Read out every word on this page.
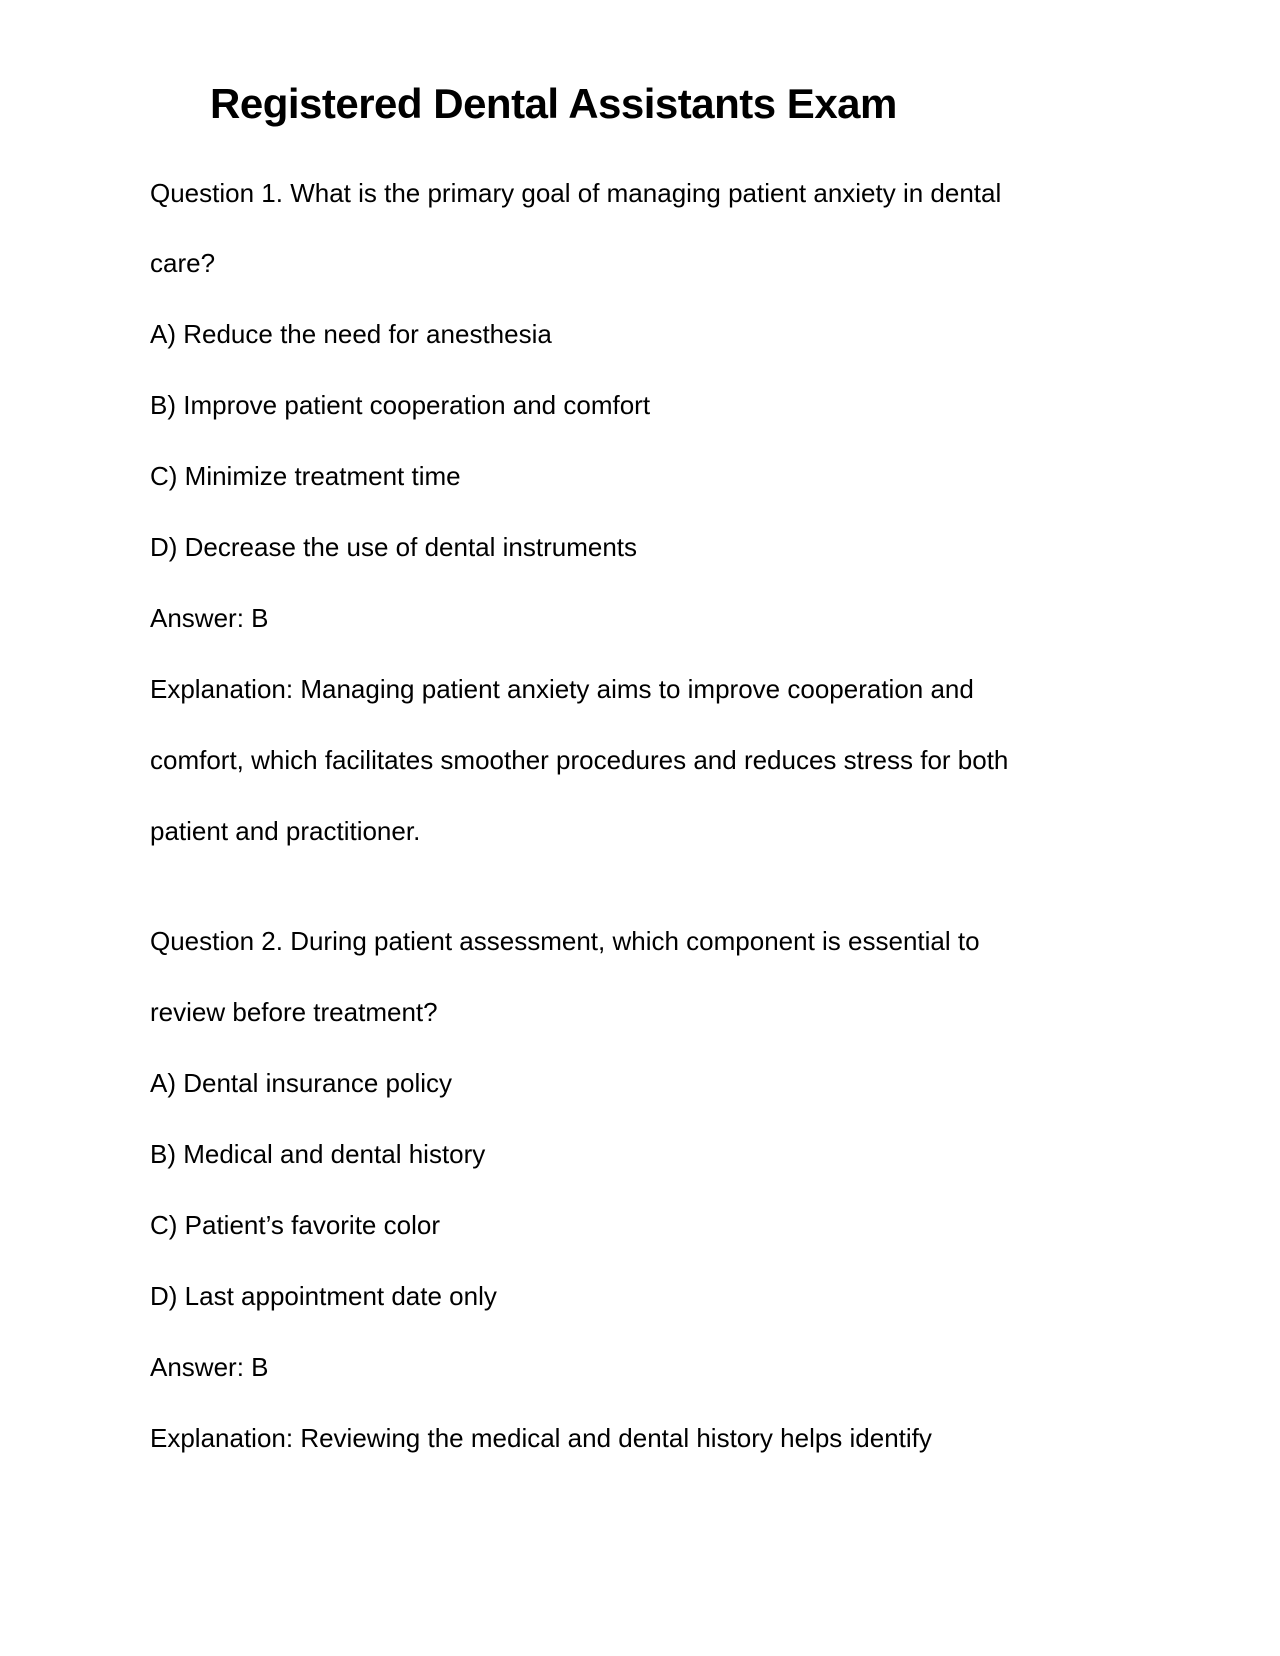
Registered Dental Assistants Exam
Question 1. What is the primary goal of managing patient anxiety in dental
care?
A) Reduce the need for anesthesia
B) Improve patient cooperation and comfort
C) Minimize treatment time
D) Decrease the use of dental instruments
Answer: B
Explanation: Managing patient anxiety aims to improve cooperation and
comfort, which facilitates smoother procedures and reduces stress for both
patient and practitioner.
Question 2. During patient assessment, which component is essential to
review before treatment?
A) Dental insurance policy
B) Medical and dental history
C) Patient’s favorite color
D) Last appointment date only
Answer: B
Explanation: Reviewing the medical and dental history helps identify
